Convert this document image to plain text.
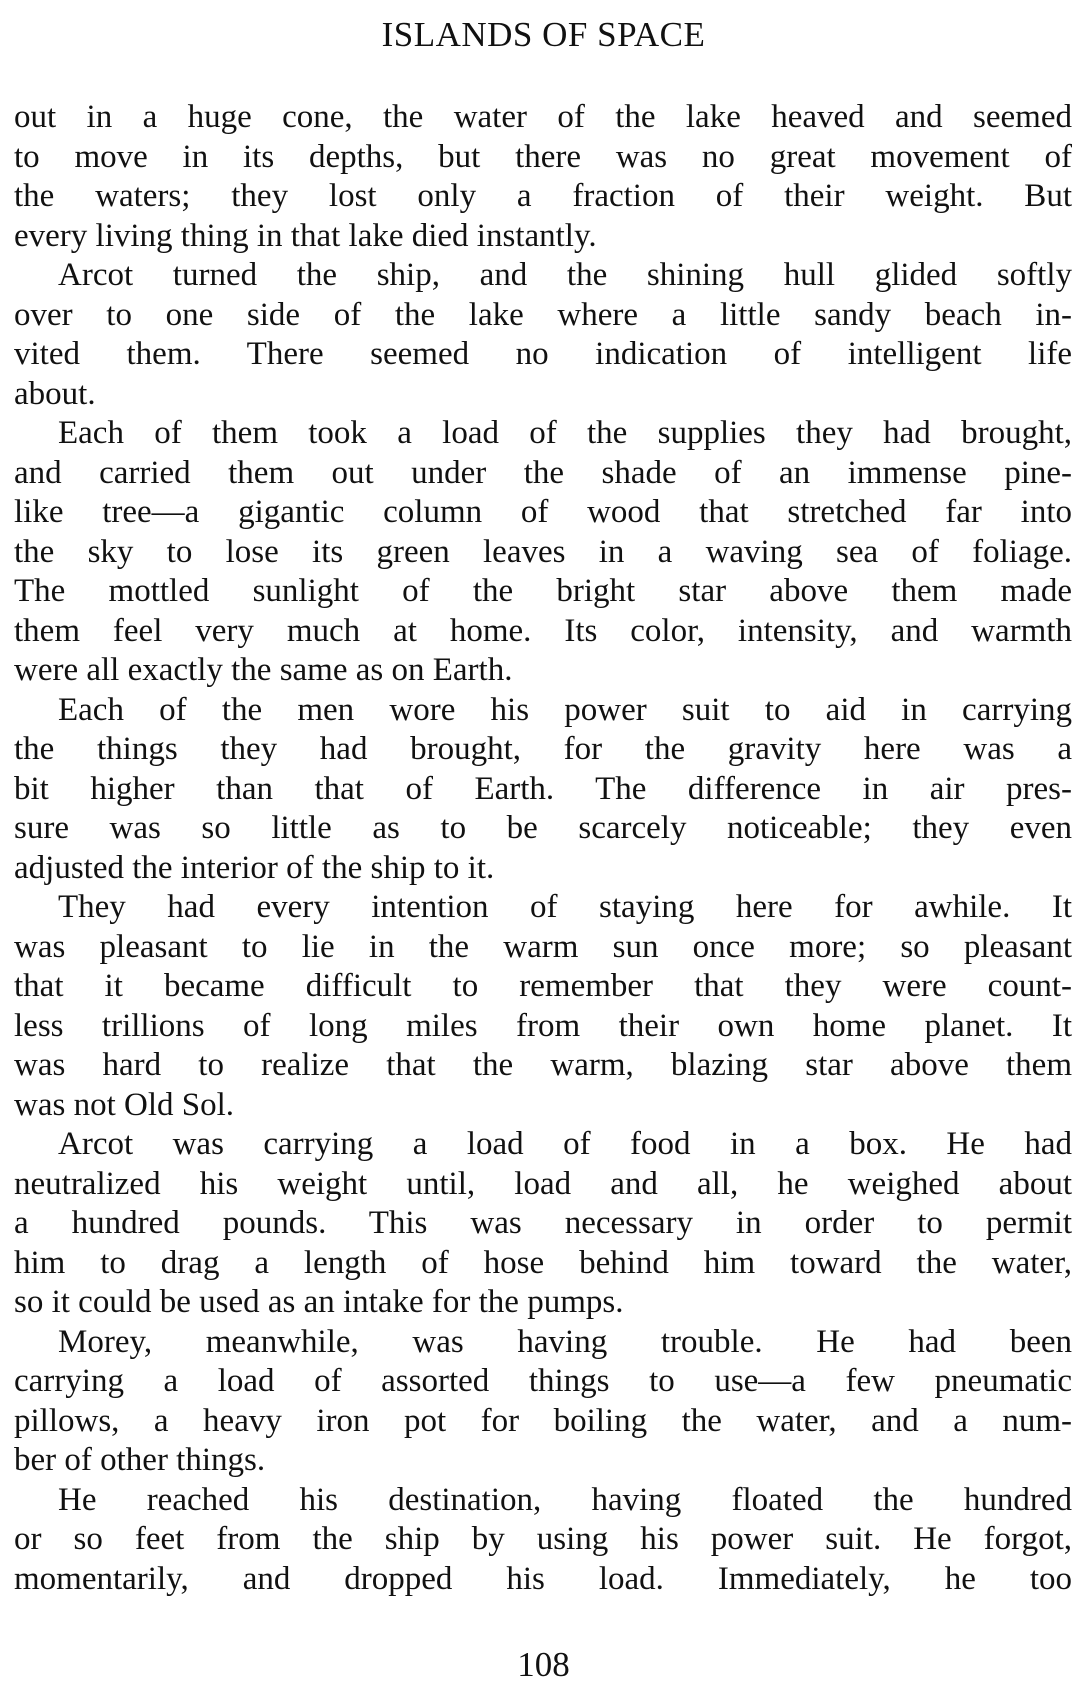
ISLANDS OF SPACE

out in a huge cone, the water of the lake heaved and seemed
to move in its depths, but there was no great movement of
the waters; they lost only a fraction of their weight. But
every living thing in that lake died instantly.

Arcot turned the ship, and the shining hull glided softly
over to one side of the lake where a little sandy beach in-
vited them. There seemed no indication of intelligent life
about.

Each of them took a load of the supplies they had brought,
and carried them out under the shade of an immense pine-
like tree—a gigantic column of wood that stretched far into
the sky to lose its green leaves in a waving sea of foliage.
The mottled sunlight of the bright star above them made
them feel very much at home. Its color, intensity, and warmth
were all exactly the same as on Earth.

Each of the men wore his power suit to aid in carrying
the things they had brought, for the gravity here was a
bit higher than that of Earth. The difference in air pres-
sure was so little as to be scarcely noticeable; they even
adjusted the interior of the ship to it.

They had every intention of staying here for awhile. It
was pleasant to lie in the warm sun once more; so pleasant
that it became difficult to remember that they were count-
less trillions of long miles from their own home planet. It
was hard to realize that the warm, blazing star above them
was not Old Sol.

Arcot was carrying a load of food in a box. He had
neutralized his weight until, load and all, he weighed about
a hundred pounds. This was necessary in order to permit
him to drag a length of hose behind him toward the water,
so it could be used as an intake for the pumps.

Morey, meanwhile, was having trouble. He had been
carrying a load of assorted things to use—a few pneumatic
pillows, a heavy iron pot for boiling the water, and a num-
ber of other things.

He reached his destination, having floated the hundred
or so feet from the ship by using his power suit. He forgot,
momentarily, and dropped his load. Immediately, he too

108
